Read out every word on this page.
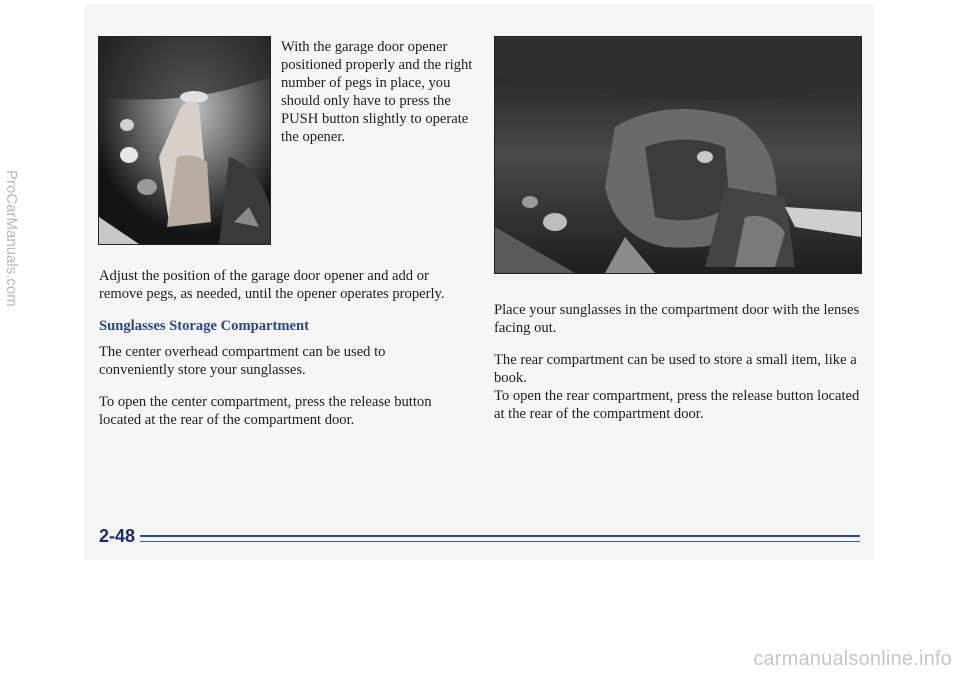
With the garage door opener positioned properly and the right number of pegs in place, you should only have to press the PUSH button slightly to operate the opener.

Adjust the position of the garage door opener and add or remove pegs, as needed, until the opener operates properly.

Sunglasses Storage Compartment

The center overhead compartment can be used to conveniently store your sunglasses.

To open the center compartment, press the release button located at the rear of the compartment door.

Place your sunglasses in the compartment door with the lenses facing out.

The rear compartment can be used to store a small item, like a book.

To open the rear compartment, press the release button located at the rear of the compartment door.

2-48
ProCarManuals.com
carmanualsonline.info
